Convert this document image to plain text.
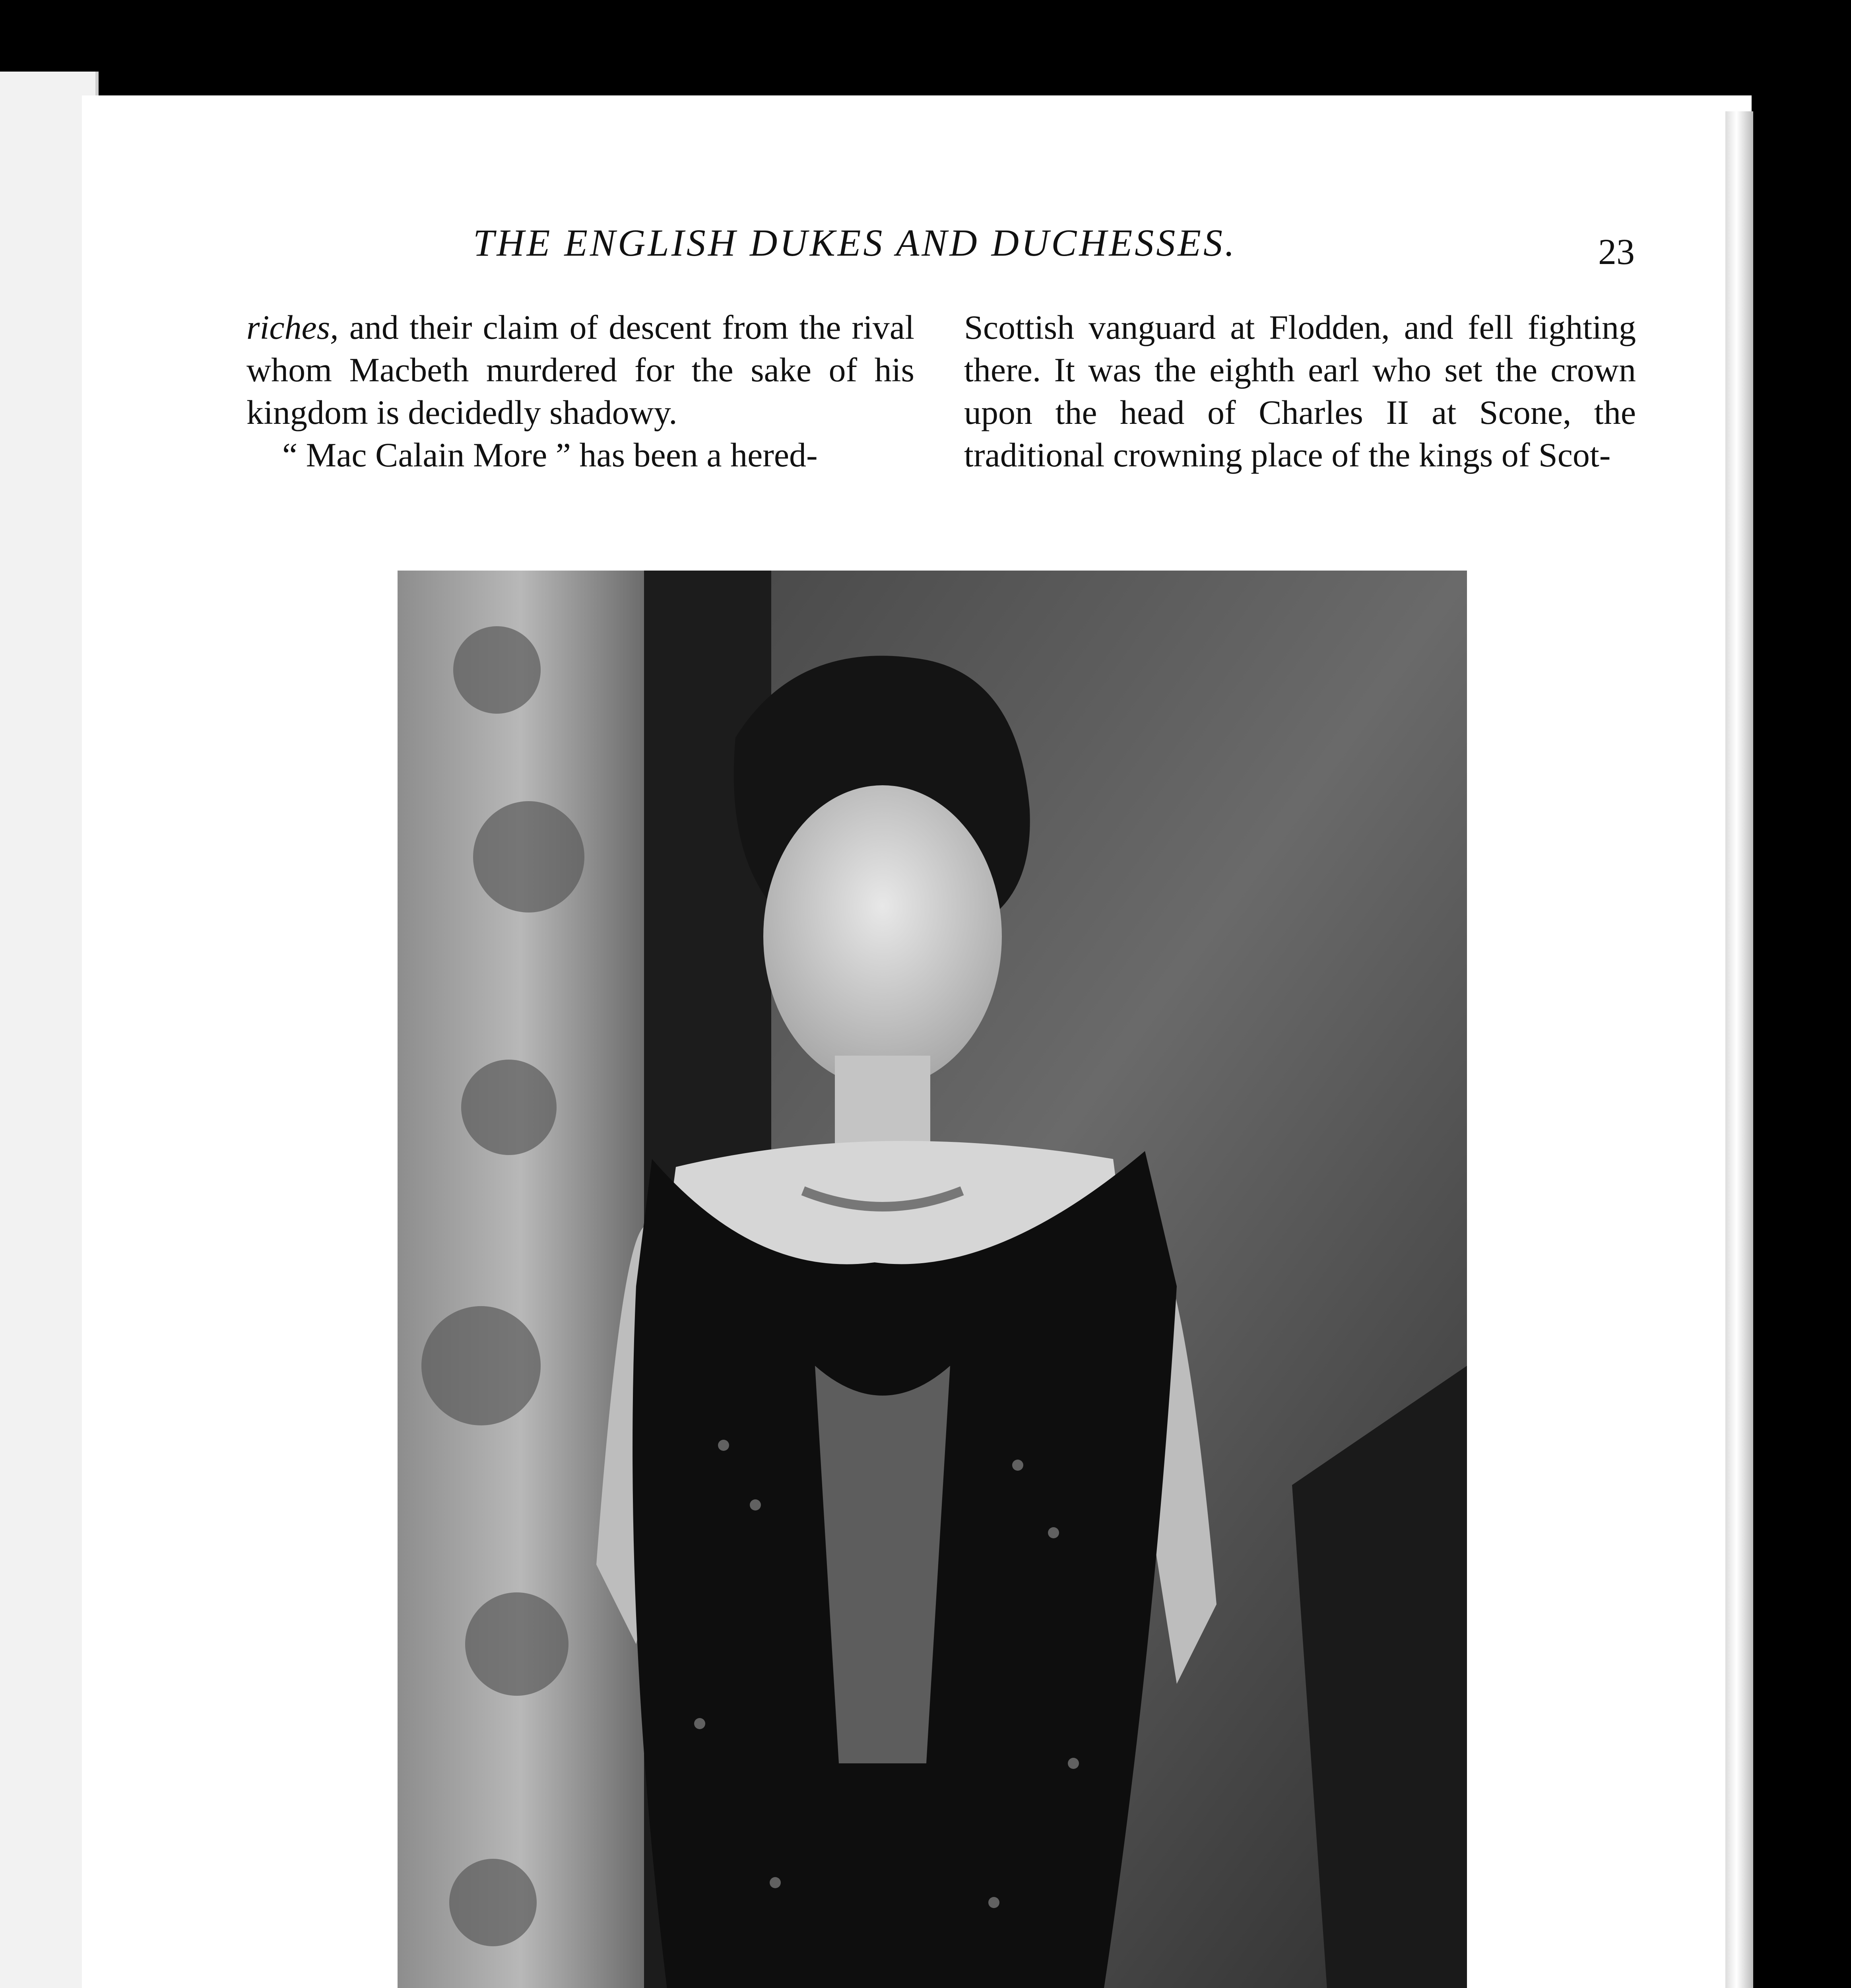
THE ENGLISH DUKES AND DUCHESSES.	23

riches, and their claim of descent from the rival whom Macbeth murdered for the sake of his kingdom is decidedly shadowy.

“ Mac Calain More ” has been a hered-

Scottish vanguard at Flodden, and fell fighting there. It was the eighth earl who set the crown upon the head of Charles II at Scone, the traditional crowning place of the kings of Scot-
